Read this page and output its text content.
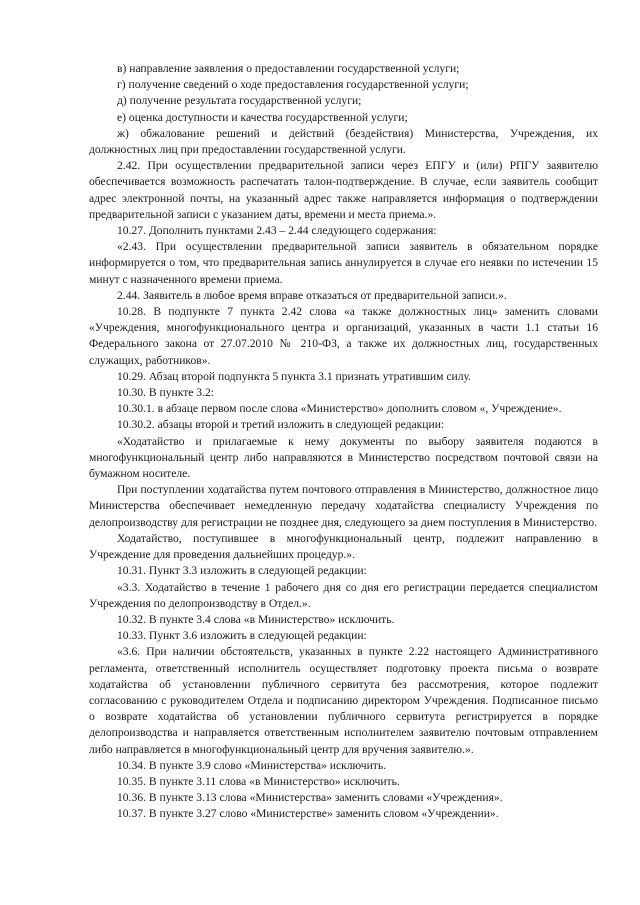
в) направление заявления о предоставлении государственной услуги;

г) получение сведений о ходе предоставления государственной услуги;

д) получение результата государственной услуги;

е) оценка доступности и качества государственной услуги;

ж) обжалование решений и действий (бездействия) Министерства, Учреждения, их должностных лиц при предоставлении государственной услуги.

2.42. При осуществлении предварительной записи через ЕПГУ и (или) РПГУ заявителю обеспечивается возможность распечатать талон-подтверждение. В случае, если заявитель сообщит адрес электронной почты, на указанный адрес также направляется информация о подтверждении предварительной записи с указанием даты, времени и места приема.».

10.27. Дополнить пунктами 2.43 – 2.44 следующего содержания:

«2.43. При осуществлении предварительной записи заявитель в обязательном порядке информируется о том, что предварительная запись аннулируется в случае его неявки по истечении 15 минут с назначенного времени приема.

2.44. Заявитель в любое время вправе отказаться от предварительной записи.».

10.28. В подпункте 7 пункта 2.42 слова «а также должностных лиц» заменить словами «Учреждения, многофункционального центра и организаций, указанных в части 1.1 статьи 16 Федерального закона от 27.07.2010 № 210-ФЗ, а также их должностных лиц, государственных служащих, работников».

10.29. Абзац второй подпункта 5 пункта 3.1 признать утратившим силу.

10.30. В пункте 3.2:

10.30.1. в абзаце первом после слова «Министерство» дополнить словом «, Учреждение».

10.30.2. абзацы второй и третий изложить в следующей редакции:

«Ходатайство и прилагаемые к нему документы по выбору заявителя подаются в многофункциональный центр либо направляются в Министерство посредством почтовой связи на бумажном носителе.

При поступлении ходатайства путем почтового отправления в Министерство, должностное лицо Министерства обеспечивает немедленную передачу ходатайства специалисту Учреждения по делопроизводству для регистрации не позднее дня, следующего за днем поступления в Министерство.

Ходатайство, поступившее в многофункциональный центр, подлежит направлению в Учреждение для проведения дальнейших процедур.».

10.31. Пункт 3.3 изложить в следующей редакции:

«3.3. Ходатайство в течение 1 рабочего дня со дня его регистрации передается специалистом Учреждения по делопроизводству в Отдел.».

10.32. В пункте 3.4 слова «в Министерство» исключить.

10.33. Пункт 3.6 изложить в следующей редакции:

«3.6. При наличии обстоятельств, указанных в пункте 2.22 настоящего Административного регламента, ответственный исполнитель осуществляет подготовку проекта письма о возврате ходатайства об установлении публичного сервитута без рассмотрения, которое подлежит согласованию с руководителем Отдела и подписанию директором Учреждения. Подписанное письмо о возврате ходатайства об установлении публичного сервитута регистрируется в порядке делопроизводства и направляется ответственным исполнителем заявителю почтовым отправлением либо направляется в многофункциональный центр для вручения заявителю.».

10.34. В пункте 3.9 слово «Министерства» исключить.

10.35. В пункте 3.11 слова «в Министерство» исключить.

10.36. В пункте 3.13 слова «Министерства» заменить словами «Учреждения».

10.37. В пункте 3.27 слово «Министерстве» заменить словом «Учреждении».
